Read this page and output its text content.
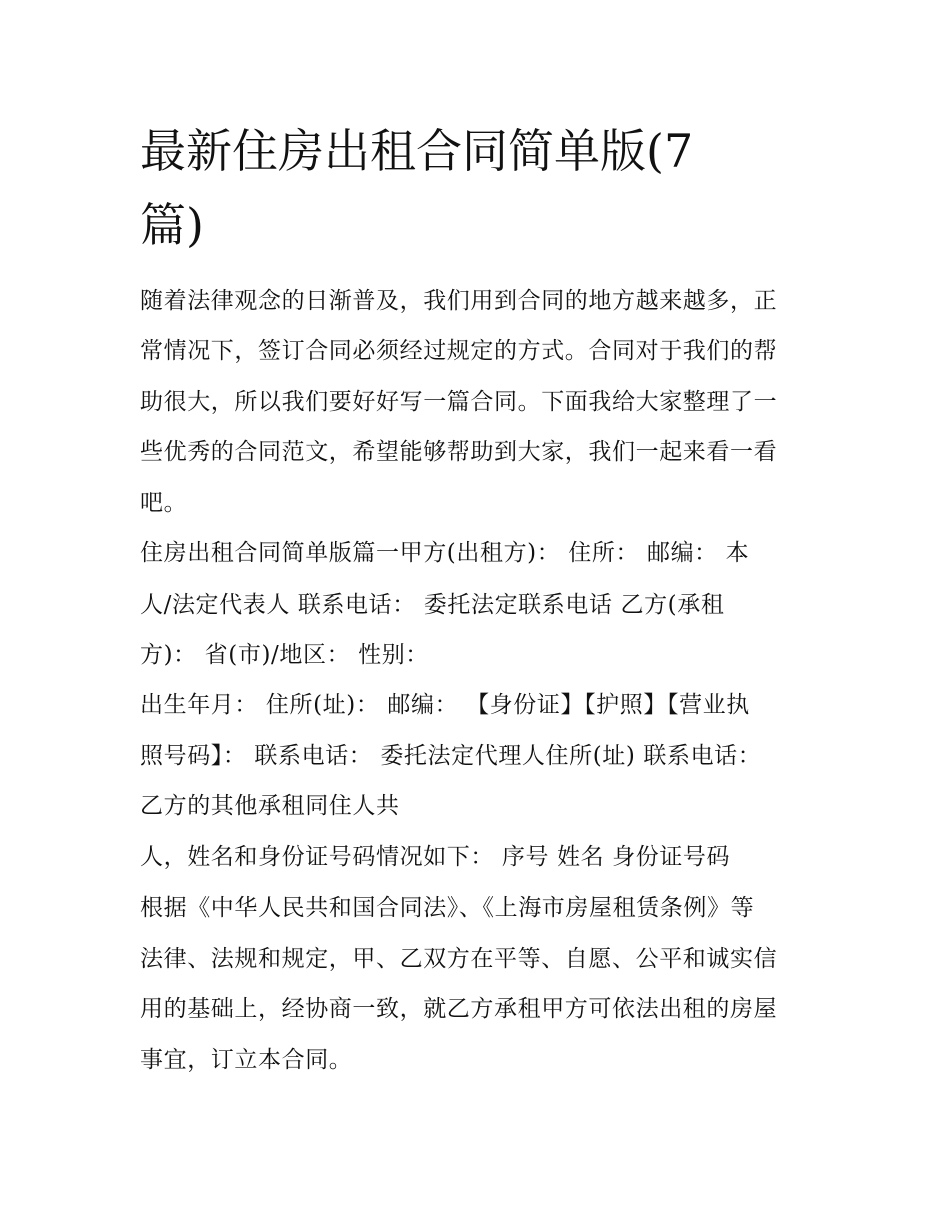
最新住房出租合同简单版(7
篇)

随着法律观念的日渐普及，我们用到合同的地方越来越多，正

常情况下，签订合同必须经过规定的方式。合同对于我们的帮

助很大，所以我们要好好写一篇合同。下面我给大家整理了一

些优秀的合同范文，希望能够帮助到大家，我们一起来看一看

吧。

住房出租合同简单版篇一甲方(出租方)： 住所： 邮编： 本

人/法定代表人 联系电话： 委托法定联系电话 乙方(承租

方)： 省(市)/地区： 性别：

出生年月： 住所(址)： 邮编： 【身份证】【护照】【营业执

照号码】： 联系电话： 委托法定代理人住所(址) 联系电话：

乙方的其他承租同住人共

人，姓名和身份证号码情况如下： 序号 姓名 身份证号码

根据《中华人民共和国合同法》、《上海市房屋租赁条例》等

法律、法规和规定，甲、乙双方在平等、自愿、公平和诚实信

用的基础上，经协商一致，就乙方承租甲方可依法出租的房屋

事宜，订立本合同。
